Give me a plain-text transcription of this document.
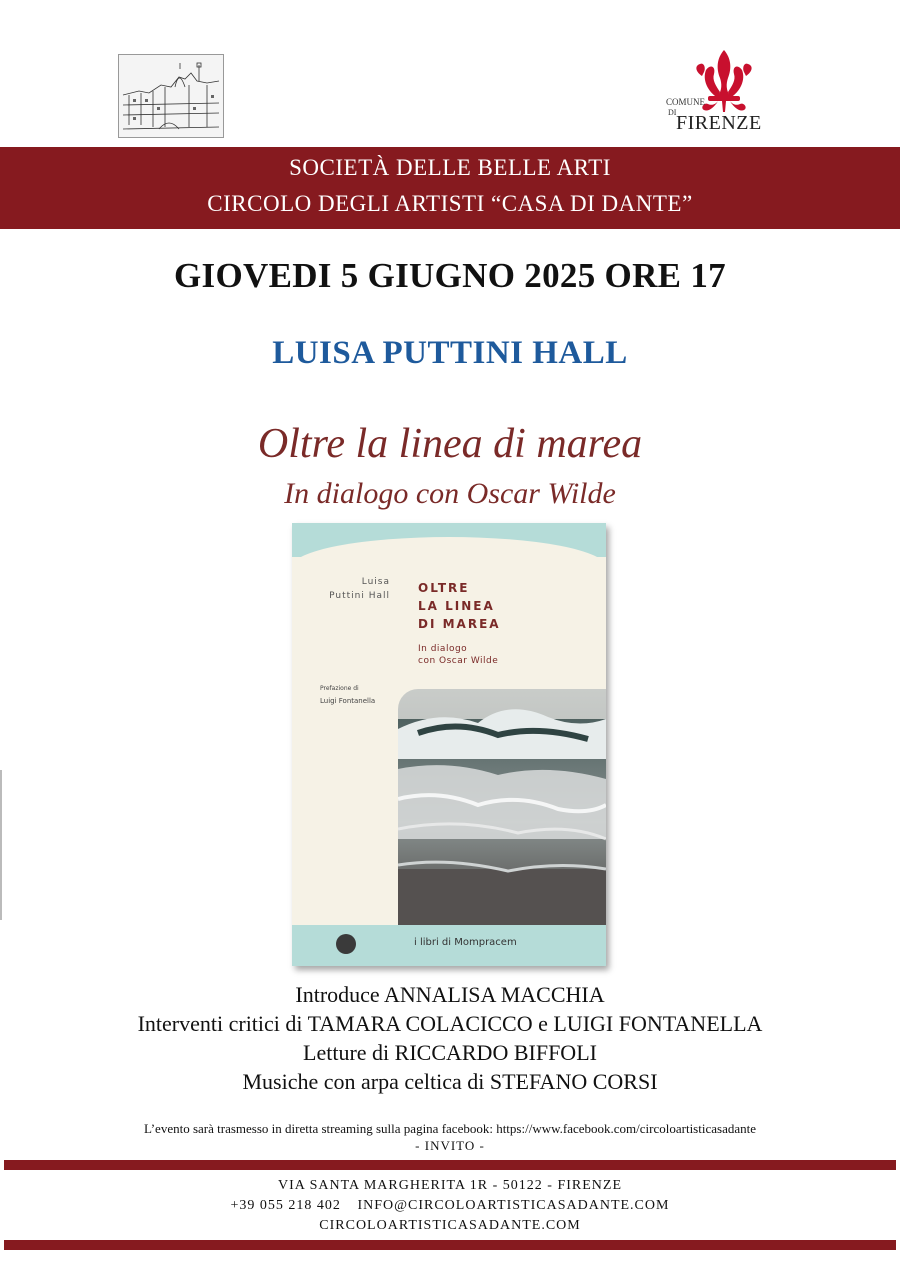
COMUNE
DI FIRENZE
SOCIETÀ DELLE BELLE ARTI
CIRCOLO DEGLI ARTISTI “CASA DI DANTE”
GIOVEDI 5 GIUGNO 2025 ORE 17
LUISA PUTTINI HALL
Oltre la linea di marea
In dialogo con Oscar Wilde
Luisa
Puttini Hall
OLTRE
LA LINEA
DI MAREA
In dialogo
con Oscar Wilde
Prefazione di
Luigi Fontanella
i libri di Mompracem
Introduce ANNALISA MACCHIA
Interventi critici di TAMARA COLACICCO e LUIGI FONTANELLA
Letture di RICCARDO BIFFOLI
Musiche con arpa celtica di STEFANO CORSI
L’evento sarà trasmesso in diretta streaming sulla pagina facebook: https://www.facebook.com/circoloartisticasadante
- INVITO -
VIA SANTA MARGHERITA 1R - 50122 - FIRENZE
+39 055 218 402 INFO@CIRCOLOARTISTICASADANTE.COM
CIRCOLOARTISTICASADANTE.COM
